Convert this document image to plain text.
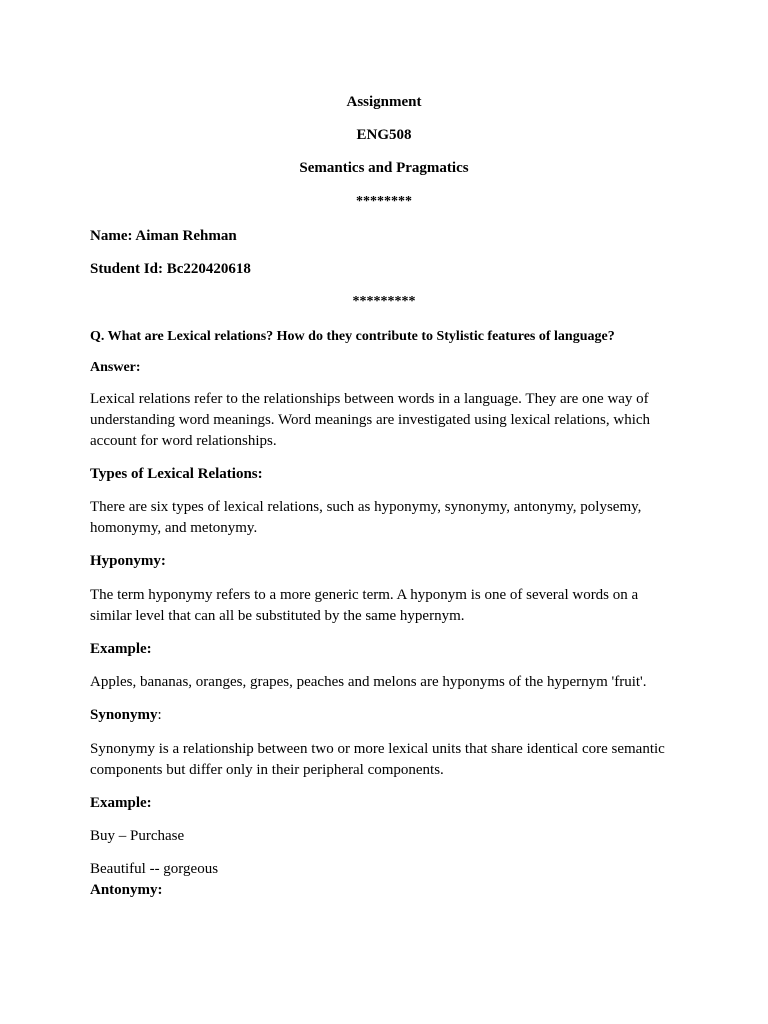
Assignment

ENG508

Semantics and Pragmatics

********

Name: Aiman Rehman

Student Id: Bc220420618

*********

Q. What are Lexical relations? How do they contribute to Stylistic features of language?

Answer:

Lexical relations refer to the relationships between words in a language. They are one way of
understanding word meanings. Word meanings are investigated using lexical relations, which
account for word relationships.

Types of Lexical Relations:

There are six types of lexical relations, such as hyponymy, synonymy, antonymy, polysemy,
homonymy, and metonymy.

Hyponymy:

The term hyponymy refers to a more generic term. A hyponym is one of several words on a
similar level that can all be substituted by the same hypernym.

Example:

Apples, bananas, oranges, grapes, peaches and melons are hyponyms of the hypernym 'fruit'.

Synonymy:

Synonymy is a relationship between two or more lexical units that share identical core semantic
components but differ only in their peripheral components.

Example:

Buy – Purchase

Beautiful -- gorgeous

Antonymy:
